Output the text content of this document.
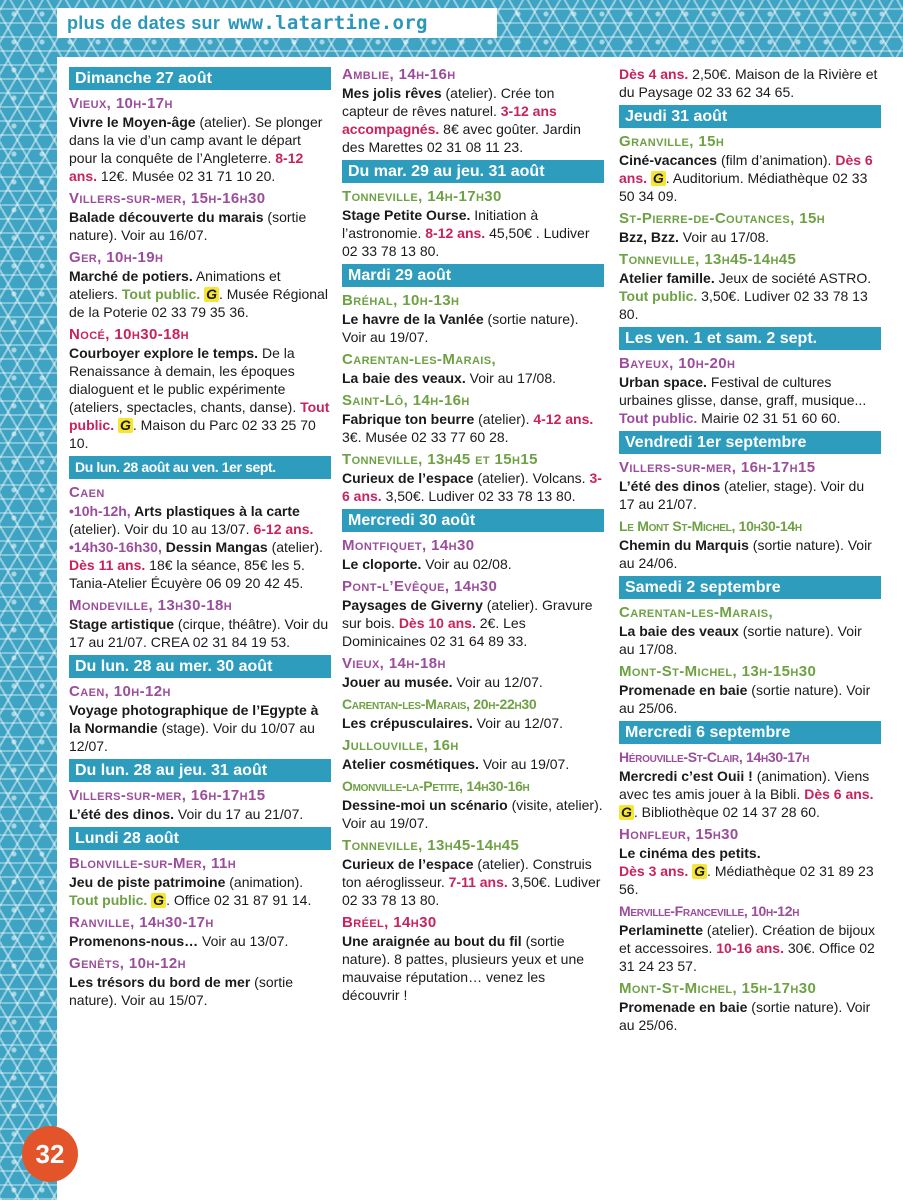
plus de dates sur www.latartine.org
Dimanche 27 août
Vieux, 10h-17h
Vivre le Moyen-âge (atelier). Se plonger dans la vie d’un camp avant le départ pour la conquête de l’Angleterre. 8-12 ans. 12€. Musée 02 31 71 10 20.
Villers-sur-mer, 15h-16h30
Balade découverte du marais (sortie nature). Voir au 16/07.
Ger, 10h-19h
Marché de potiers. Animations et ateliers. Tout public. G . Musée Régional de la Poterie 02 33 79 35 36.
Nocé, 10h30-18h
Courboyer explore le temps. De la Renaissance à demain, les époques dialoguent et le public expérimente (ateliers, spectacles, chants, danse). Tout public. G . Maison du Parc 02 33 25 70 10.
Du lun. 28 août au ven. 1er sept.
Caen
•10h-12h, Arts plastiques à la carte (atelier). Voir du 10 au 13/07. 6-12 ans.
•14h30-16h30, Dessin Mangas (atelier). Dès 11 ans. 18€ la séance, 85€ les 5. Tania-Atelier Écuyère 06 09 20 42 45.
Mondeville, 13h30-18h
Stage artistique (cirque, théâtre). Voir du 17 au 21/07. CREA 02 31 84 19 53.
Du lun. 28 au mer. 30 août
Caen, 10h-12h
Voyage photographique de l’Egypte à la Normandie (stage). Voir du 10/07 au 12/07.
Du lun. 28 au jeu. 31 août
Villers-sur-mer, 16h-17h15
L’été des dinos. Voir du 17 au 21/07.
Lundi 28 août
Blonville-sur-Mer, 11h
Jeu de piste patrimoine (animation). Tout public. G . Office 02 31 87 91 14.
Ranville, 14h30-17h
Promenons-nous… Voir au 13/07.
Genêts, 10h-12h
Les trésors du bord de mer (sortie nature). Voir au 15/07.
Amblie, 14h-16h
Mes jolis rêves (atelier). Crée ton capteur de rêves naturel. 3-12 ans accompagnés. 8€ avec goûter. Jardin des Marettes 02 31 08 11 23.
Du mar. 29 au jeu. 31 août
Tonneville, 14h-17h30
Stage Petite Ourse. Initiation à l’astronomie. 8-12 ans. 45,50€ . Ludiver 02 33 78 13 80.
Mardi 29 août
Bréhal, 10h-13h
Le havre de la Vanlée (sortie nature). Voir au 19/07.
Carentan-les-Marais,
La baie des veaux. Voir au 17/08.
Saint-Lô, 14h-16h
Fabrique ton beurre (atelier). 4-12 ans. 3€. Musée 02 33 77 60 28.
Tonneville, 13h45 et 15h15
Curieux de l’espace (atelier). Volcans. 3-6 ans. 3,50€. Ludiver 02 33 78 13 80.
Mercredi 30 août
Montfiquet, 14h30
Le cloporte. Voir au 02/08.
Pont-l’Evêque, 14h30
Paysages de Giverny (atelier). Gravure sur bois. Dès 10 ans. 2€. Les Dominicaines 02 31 64 89 33.
Vieux, 14h-18h
Jouer au musée. Voir au 12/07.
Carentan-les-Marais, 20h-22h30
Les crépusculaires. Voir au 12/07.
Jullouville, 16h
Atelier cosmétiques. Voir au 19/07.
Omonville-la-Petite, 14h30-16h
Dessine-moi un scénario (visite, atelier). Voir au 19/07.
Tonneville, 13h45-14h45
Curieux de l’espace (atelier). Construis ton aéroglisseur. 7-11 ans. 3,50€. Ludiver 02 33 78 13 80.
Bréel, 14h30
Une araignée au bout du fil (sortie nature). 8 pattes, plusieurs yeux et une mauvaise réputation… venez les découvrir !
Dès 4 ans. 2,50€. Maison de la Rivière et du Paysage 02 33 62 34 65.
Jeudi 31 août
Granville, 15h
Ciné-vacances (film d’animation). Dès 6 ans. G . Auditorium. Médiathèque 02 33 50 34 09.
St-Pierre-de-Coutances, 15h
Bzz, Bzz. Voir au 17/08.
Tonneville, 13h45-14h45
Atelier famille. Jeux de société ASTRO. Tout public. 3,50€. Ludiver 02 33 78 13 80.
Les ven. 1 et sam. 2 sept.
Bayeux, 10h-20h
Urban space. Festival de cultures urbaines glisse, danse, graff, musique... Tout public. Mairie 02 31 51 60 60.
Vendredi 1er septembre
Villers-sur-mer, 16h-17h15
L’été des dinos (atelier, stage). Voir du 17 au 21/07.
Le Mont St-Michel, 10h30-14h
Chemin du Marquis (sortie nature). Voir au 24/06.
Samedi 2 septembre
Carentan-les-Marais,
La baie des veaux (sortie nature). Voir au 17/08.
Mont-St-Michel, 13h-15h30
Promenade en baie (sortie nature). Voir au 25/06.
Mercredi 6 septembre
Hérouville-St-Clair, 14h30-17h
Mercredi c’est Ouii ! (animation). Viens avec tes amis jouer à la Bibli. Dès 6 ans. G . Bibliothèque 02 14 37 28 60.
Honfleur, 15h30
Le cinéma des petits.
Dès 3 ans. G . Médiathèque 02 31 89 23 56.
Merville-Franceville, 10h-12h
Perlaminette (atelier). Création de bijoux et accessoires. 10-16 ans. 30€. Office 02 31 24 23 57.
Mont-St-Michel, 15h-17h30
Promenade en baie (sortie nature). Voir au 25/06.
32
